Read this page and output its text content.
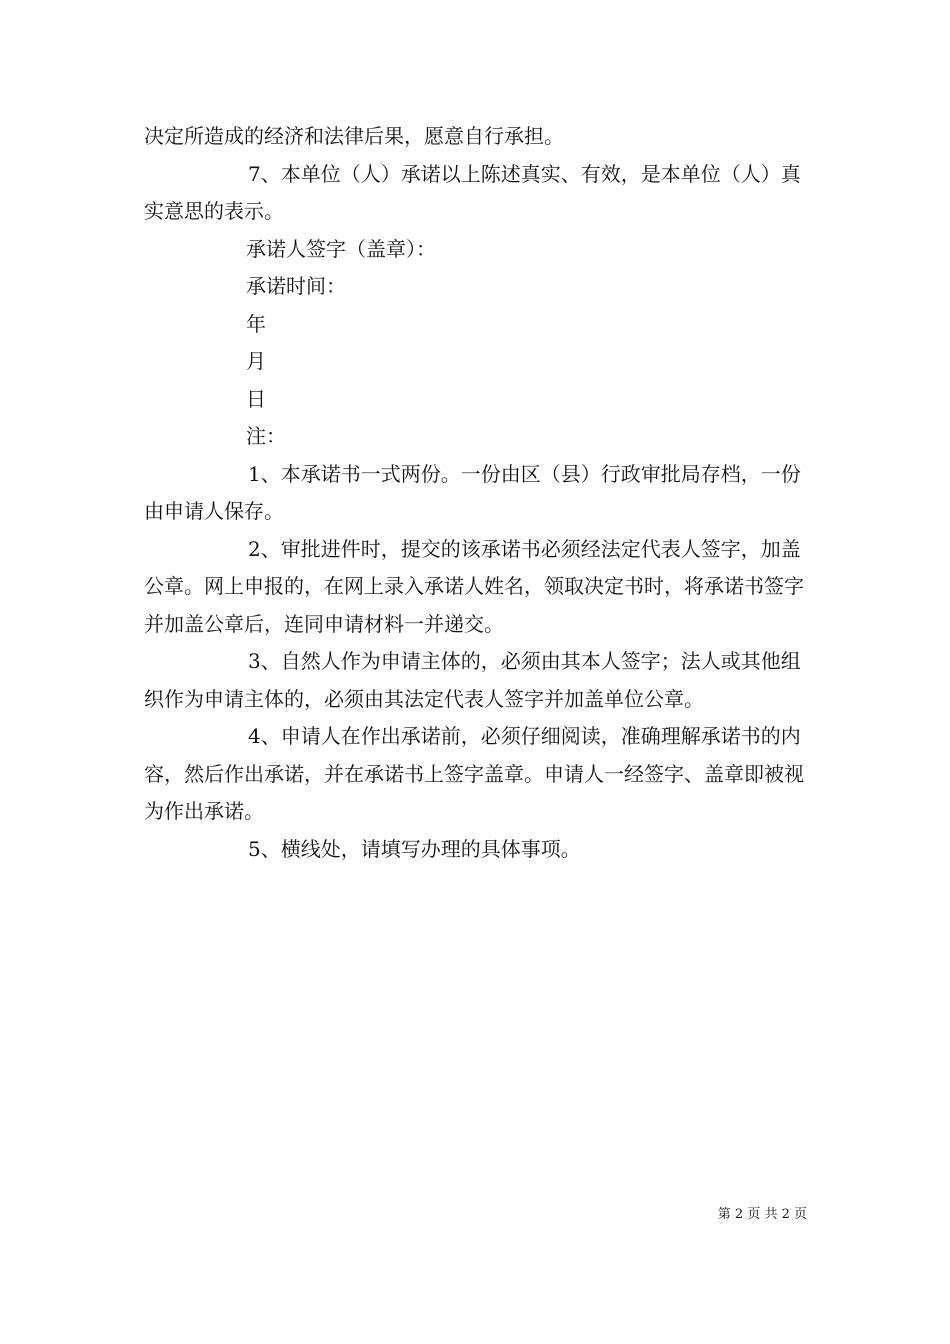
决定所造成的经济和法律后果，愿意自行承担。

7、本单位（人）承诺以上陈述真实、有效，是本单位（人）真实意思的表示。

承诺人签字（盖章）：

承诺时间：

年

月

日

注：

1、本承诺书一式两份。一份由区（县）行政审批局存档，一份由申请人保存。

2、审批进件时，提交的该承诺书必须经法定代表人签字，加盖公章。网上申报的，在网上录入承诺人姓名，领取决定书时，将承诺书签字并加盖公章后，连同申请材料一并递交。

3、自然人作为申请主体的，必须由其本人签字；法人或其他组织作为申请主体的，必须由其法定代表人签字并加盖单位公章。

4、申请人在作出承诺前，必须仔细阅读，准确理解承诺书的内容，然后作出承诺，并在承诺书上签字盖章。申请人一经签字、盖章即被视为作出承诺。

5、横线处，请填写办理的具体事项。

第 2 页 共 2 页
